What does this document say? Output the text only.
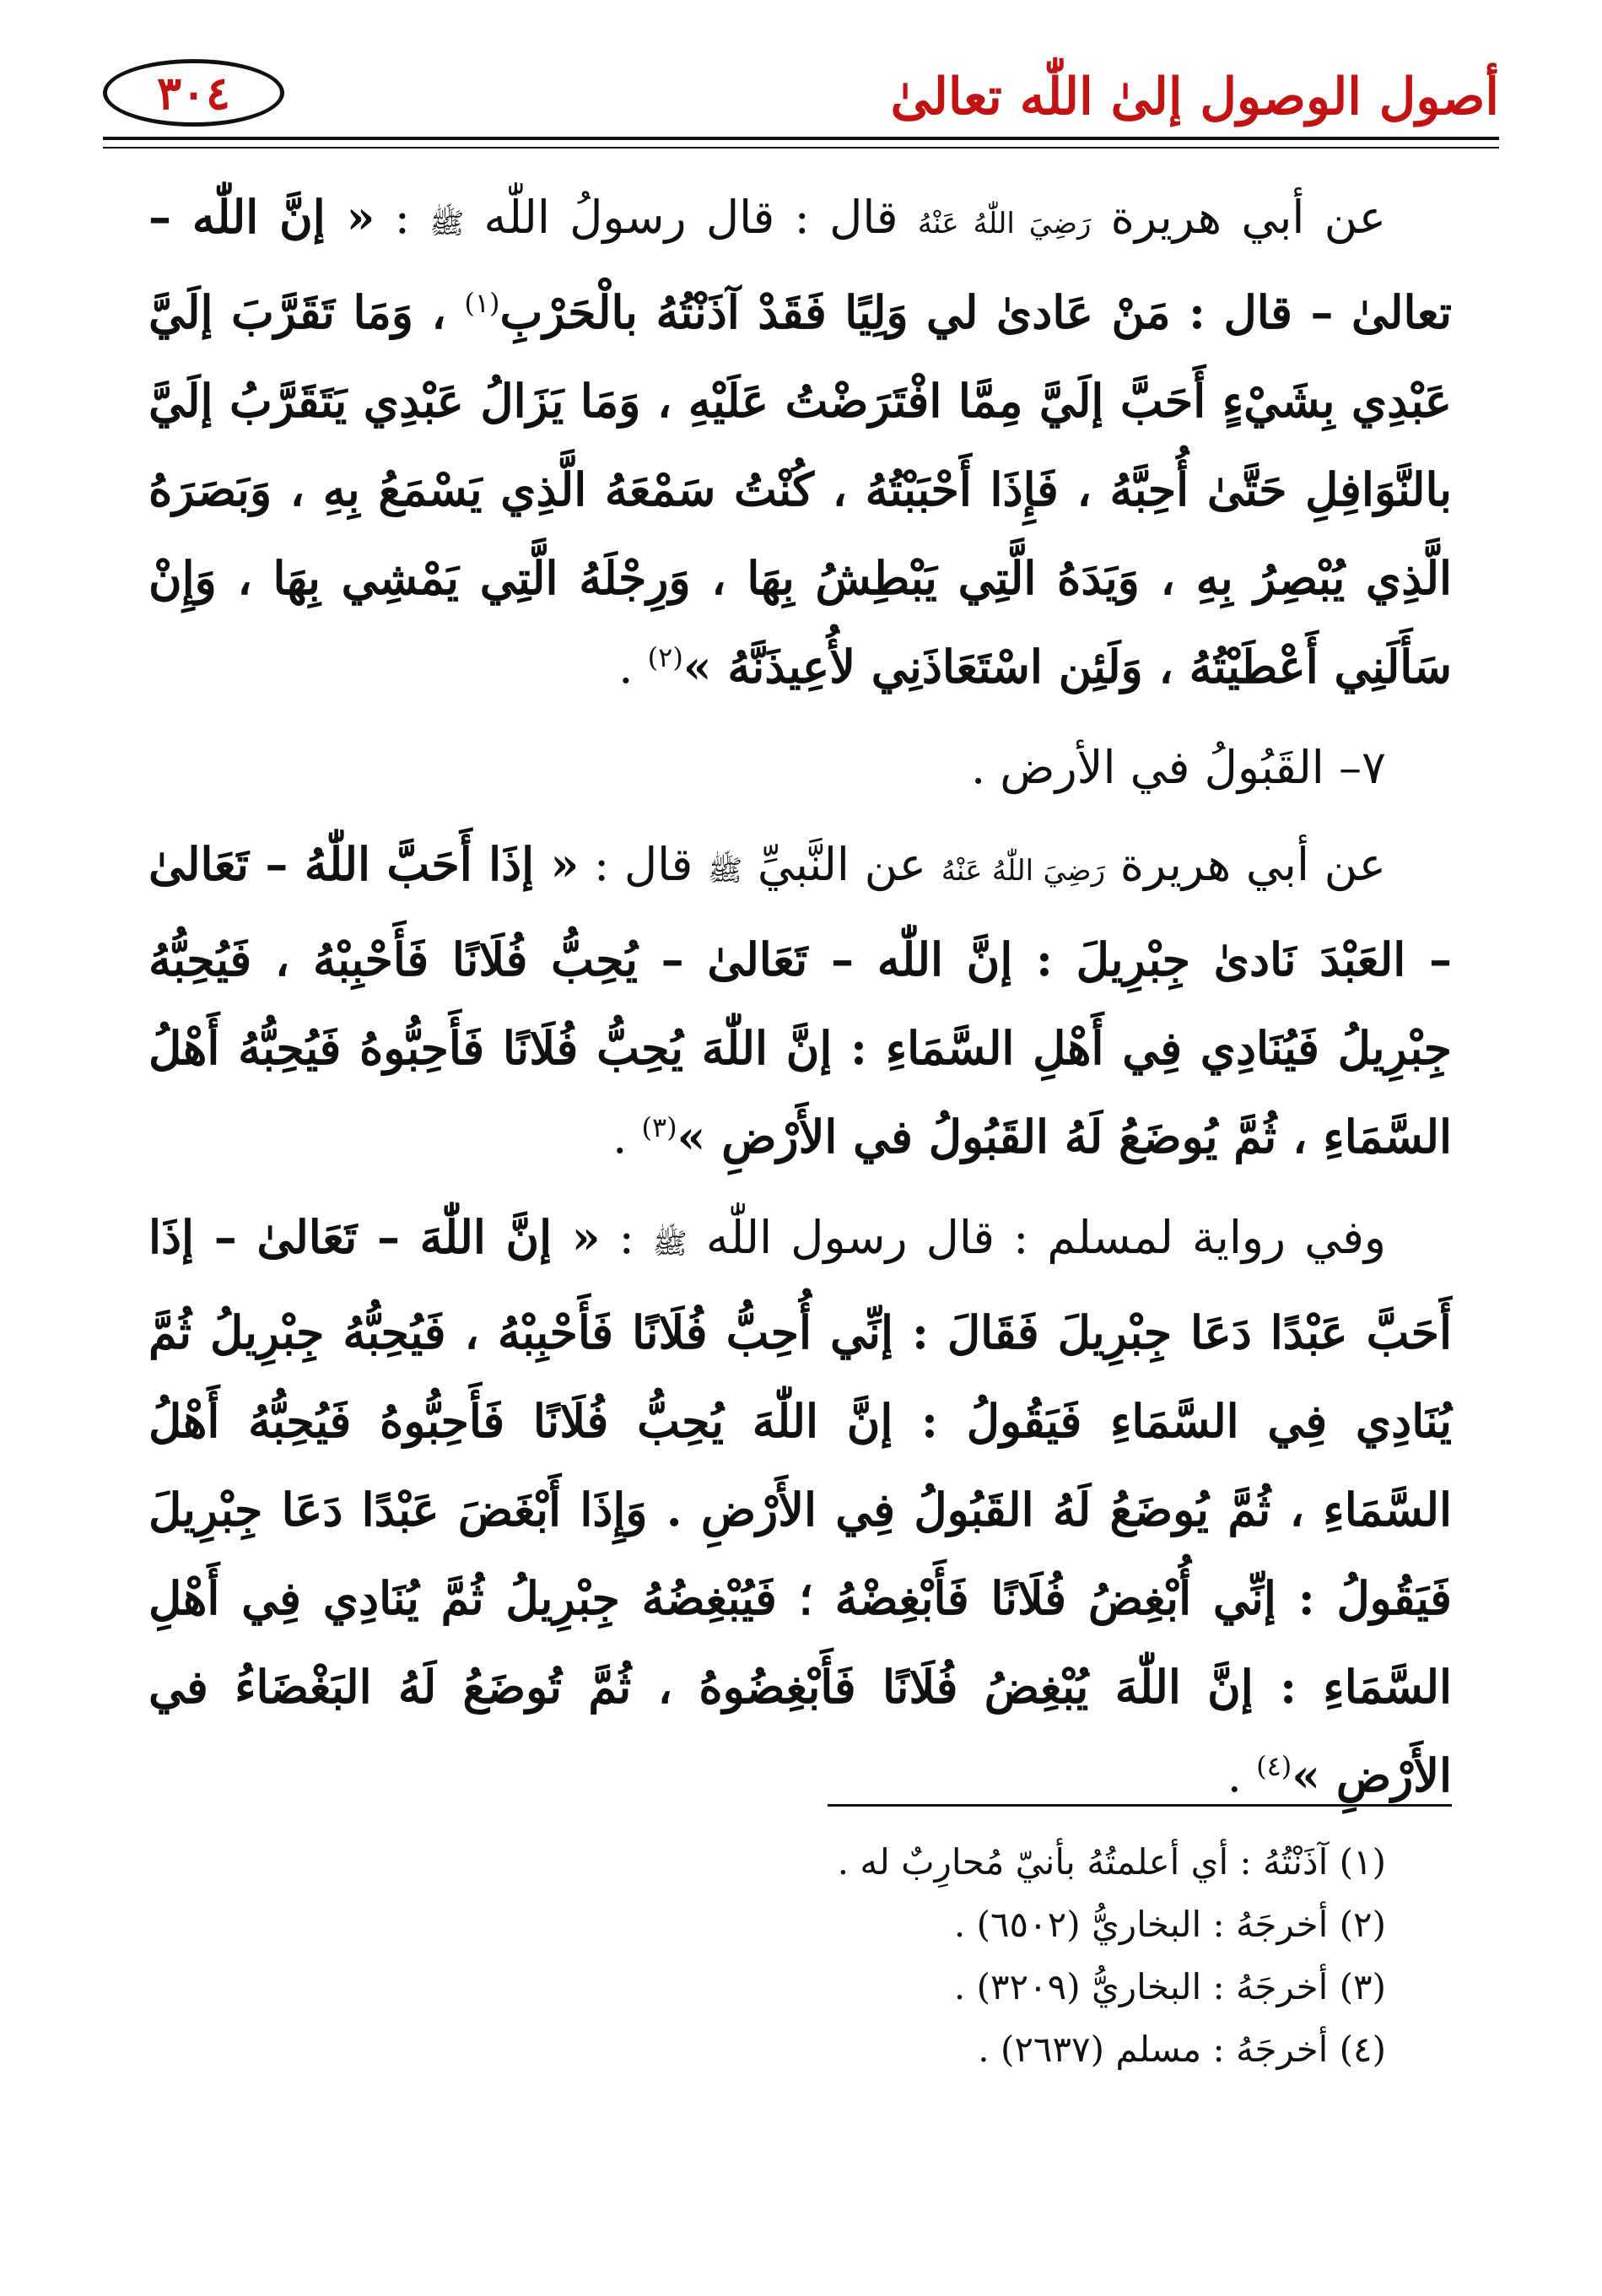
أصول الوصول إلىٰ اللّٰه تعالىٰ
٣٠٤

عن أبي هريرة رَضِيَ اللّٰهُ عَنْهُ قال : قال رسولُ اللّٰه ﷺ : « إنَّ اللّٰه – تعالىٰ – قال : مَنْ عَادىٰ لي وَلِيًا فَقَدْ آذَنْتُهُ بالْحَرْبِ$^{(١)}$ ، وَمَا تَقَرَّبَ إلَيَّ عَبْدِي بِشَيْءٍ أَحَبَّ إلَيَّ مِمَّا افْتَرَضْتُ عَلَيْهِ ، وَمَا يَزَالُ عَبْدِي يَتَقَرَّبُ إلَيَّ بالنَّوَافِلِ حَتَّىٰ أُحِبَّهُ ، فَإِذَا أَحْبَبْتُهُ ، كُنْتُ سَمْعَهُ الَّذِي يَسْمَعُ بِهِ ، وَبَصَرَهُ الَّذِي يُبْصِرُ بِهِ ، وَيَدَهُ الَّتِي يَبْطِشُ بِهَا ، وَرِجْلَهُ الَّتِي يَمْشِي بِهَا ، وَإِنْ سَأَلَنِي أَعْطَيْتُهُ ، وَلَئِن اسْتَعَاذَنِي لأُعِيذَنَّهُ »$^{(٢)}$ .

٧– القَبُولُ في الأرض .

عن أبي هريرة رَضِيَ اللّٰهُ عَنْهُ عن النَّبيِّ ﷺ قال : « إذَا أَحَبَّ اللّٰهُ – تَعَالىٰ – العَبْدَ نَادىٰ جِبْرِيلَ : إنَّ اللّٰه – تَعَالىٰ – يُحِبُّ فُلَانًا فَأَحْبِبْهُ ، فَيُحِبُّهُ جِبْرِيلُ فَيُنَادِي فِي أَهْلِ السَّمَاءِ : إنَّ اللّٰهَ يُحِبُّ فُلَانًا فَأَحِبُّوهُ فَيُحِبُّهُ أَهْلُ السَّمَاءِ ، ثُمَّ يُوضَعُ لَهُ القَبُولُ في الأَرْضِ »$^{(٣)}$ .

وفي رواية لمسلم : قال رسول اللّٰه ﷺ : « إنَّ اللّٰهَ – تَعَالىٰ – إذَا أَحَبَّ عَبْدًا دَعَا جِبْرِيلَ فَقَالَ : إنِّي أُحِبُّ فُلَانًا فَأَحْبِبْهُ ، فَيُحِبُّهُ جِبْرِيلُ ثُمَّ يُنَادِي فِي السَّمَاءِ فَيَقُولُ : إنَّ اللّٰهَ يُحِبُّ فُلَانًا فَأَحِبُّوهُ فَيُحِبُّهُ أَهْلُ السَّمَاءِ ، ثُمَّ يُوضَعُ لَهُ القَبُولُ فِي الأَرْضِ . وَإِذَا أَبْغَضَ عَبْدًا دَعَا جِبْرِيلَ فَيَقُولُ : إنِّي أُبْغِضُ فُلَانًا فَأَبْغِضْهُ ؛ فَيُبْغِضُهُ جِبْرِيلُ ثُمَّ يُنَادِي فِي أَهْلِ السَّمَاءِ : إنَّ اللّٰهَ يُبْغِضُ فُلَانًا فَأَبْغِضُوهُ ، ثُمَّ تُوضَعُ لَهُ البَغْضَاءُ في الأَرْضِ »$^{(٤)}$ .

(١) آذَنْتُهُ : أي أعلمتُهُ بأنيّ مُحارِبٌ له .
(٢) أخرجَهُ : البخاريُّ (٦٥٠٢) .
(٣) أخرجَهُ : البخاريُّ (٣٢٠٩) .
(٤) أخرجَهُ : مسلم (٢٦٣٧) .
